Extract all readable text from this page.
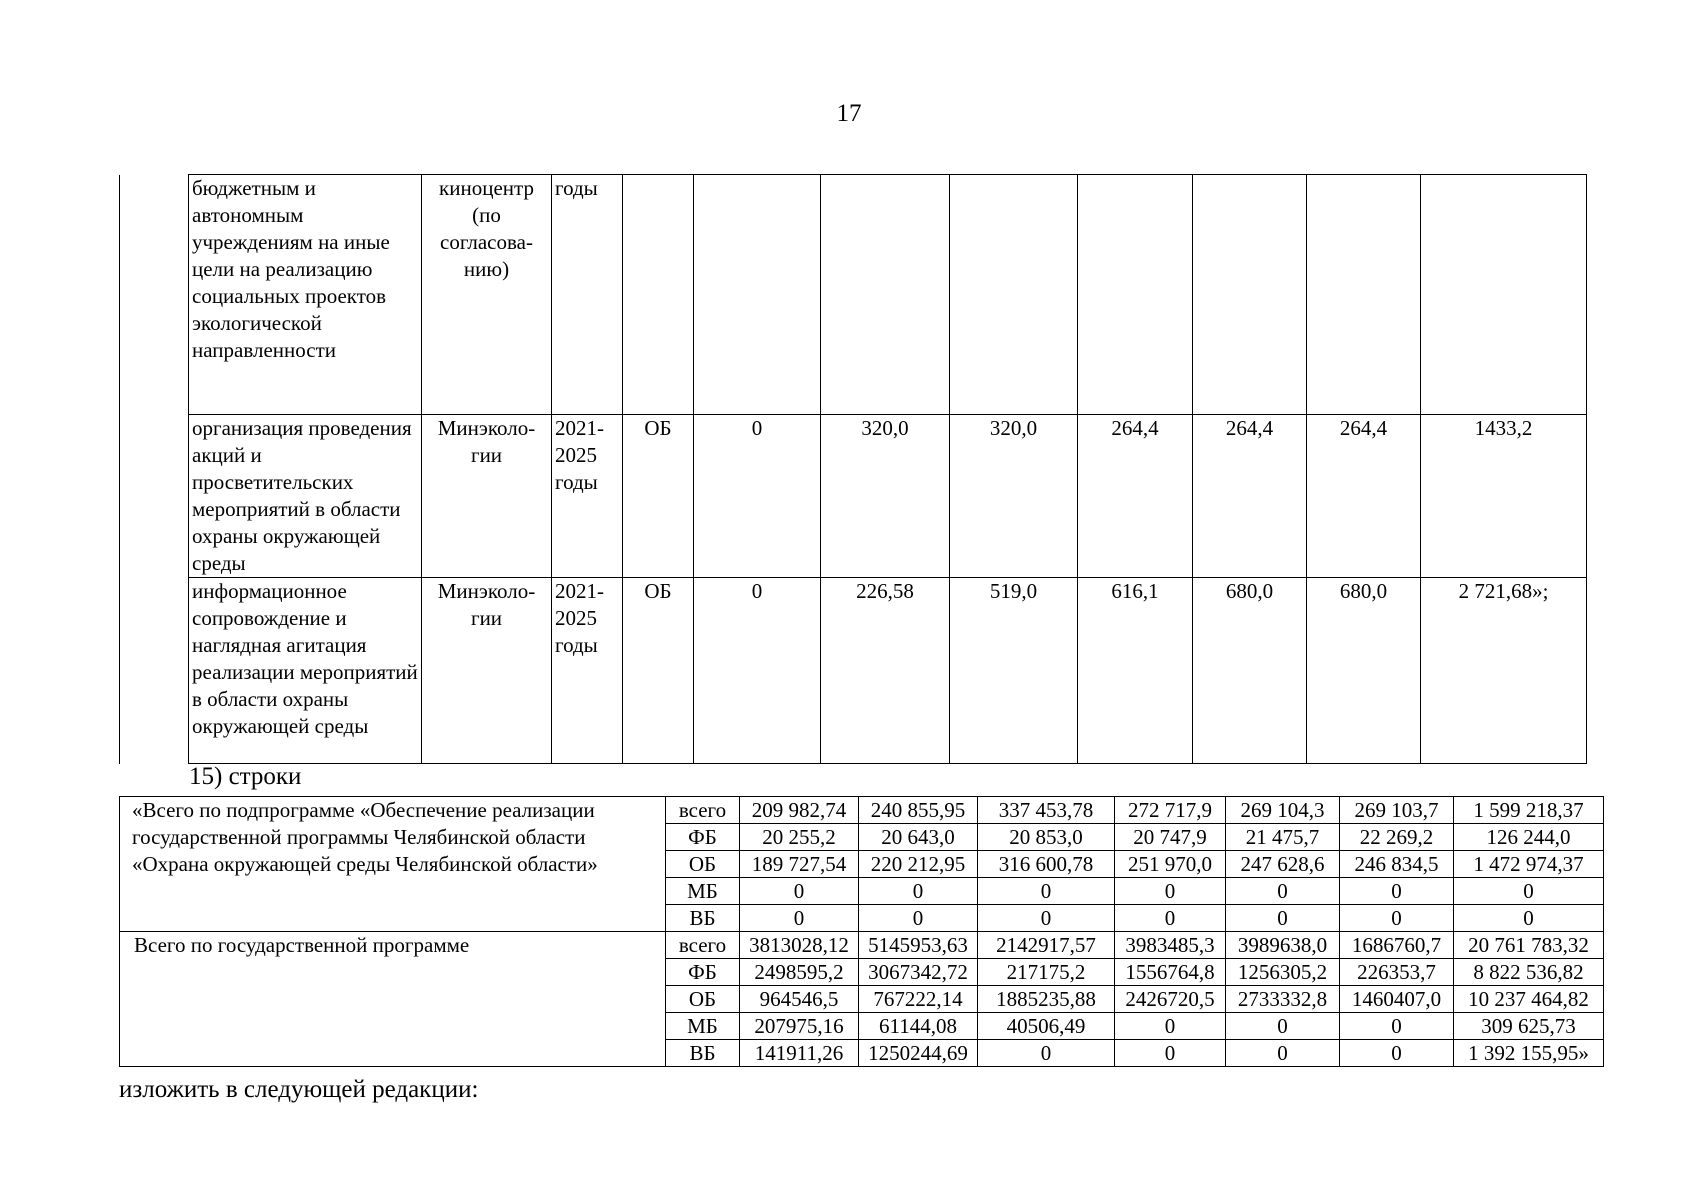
17
	бюджетным и автономным учреждениям на иные цели на реализацию социальных проектов экологической направленности	киноцентр (по согласова-нию)	годы								
	организация проведения акций и просветительских мероприятий в области охраны окружающей среды	Минэколо-гии	2021-2025 годы	ОБ	0	320,0	320,0	264,4	264,4	264,4	1433,2
	информационное сопровождение и наглядная агитация реализации мероприятий в области охраны окружающей среды	Минэколо-гии	2021-2025 годы	ОБ	0	226,58	519,0	616,1	680,0	680,0	2 721,68»;
15) строки
«Всего по подпрограмме «Обеспечение реализации государственной программы Челябинской области «Охрана окружающей среды Челябинской области»	всего	209 982,74	240 855,95	337 453,78	272 717,9	269 104,3	269 103,7	1 599 218,37
	ФБ	20 255,2	20 643,0	20 853,0	20 747,9	21 475,7	22 269,2	126 244,0
	ОБ	189 727,54	220 212,95	316 600,78	251 970,0	247 628,6	246 834,5	1 472 974,37
	МБ	0	0	0	0	0	0	0
	ВБ	0	0	0	0	0	0	0
Всего по государственной программе	всего	3813028,12	5145953,63	2142917,57	3983485,3	3989638,0	1686760,7	20 761 783,32
	ФБ	2498595,2	3067342,72	217175,2	1556764,8	1256305,2	226353,7	8 822 536,82
	ОБ	964546,5	767222,14	1885235,88	2426720,5	2733332,8	1460407,0	10 237 464,82
	МБ	207975,16	61144,08	40506,49	0	0	0	309 625,73
	ВБ	141911,26	1250244,69	0	0	0	0	1 392 155,95»
изложить в следующей редакции:
